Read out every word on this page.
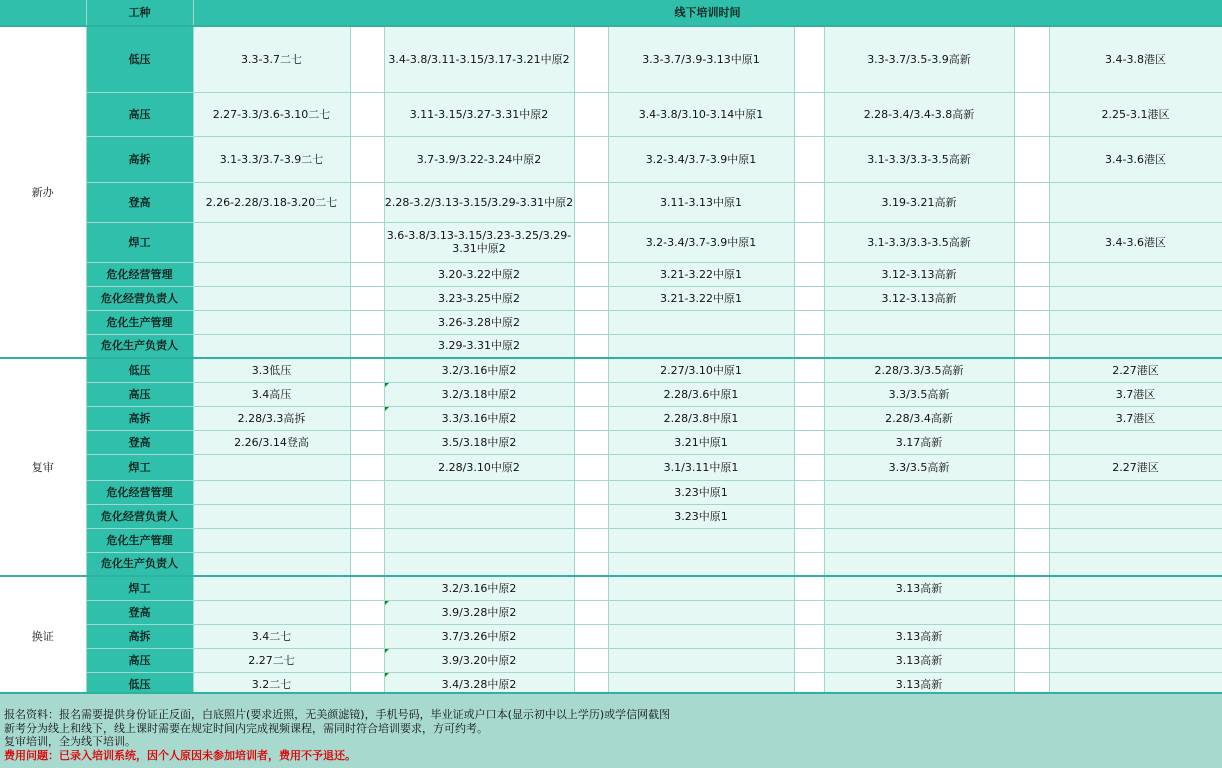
	工种	线下培训时间								
新办	低压	3.3-3.7二七		3.4-3.8/3.11-3.15/3.17-3.21中原2		3.3-3.7/3.9-3.13中原1		3.3-3.7/3.5-3.9高新		3.4-3.8港区
	高压	2.27-3.3/3.6-3.10二七		3.11-3.15/3.27-3.31中原2		3.4-3.8/3.10-3.14中原1		2.28-3.4/3.4-3.8高新		2.25-3.1港区
	高拆	3.1-3.3/3.7-3.9二七		3.7-3.9/3.22-3.24中原2		3.2-3.4/3.7-3.9中原1		3.1-3.3/3.3-3.5高新		3.4-3.6港区
	登高	2.26-2.28/3.18-3.20二七		2.28-3.2/3.13-3.15/3.29-3.31中原2		3.11-3.13中原1		3.19-3.21高新		
	焊工			3.6-3.8/3.13-3.15/3.23-3.25/3.29-3.31中原2		3.2-3.4/3.7-3.9中原1		3.1-3.3/3.3-3.5高新		3.4-3.6港区
	危化经营管理			3.20-3.22中原2		3.21-3.22中原1		3.12-3.13高新		
	危化经营负责人			3.23-3.25中原2		3.21-3.22中原1		3.12-3.13高新		
	危化生产管理			3.26-3.28中原2						
	危化生产负责人			3.29-3.31中原2						
复审	低压	3.3低压		3.2/3.16中原2		2.27/3.10中原1		2.28/3.3/3.5高新		2.27港区
	高压	3.4高压		3.2/3.18中原2		2.28/3.6中原1		3.3/3.5高新		3.7港区
	高拆	2.28/3.3高拆		3.3/3.16中原2		2.28/3.8中原1		2.28/3.4高新		3.7港区
	登高	2.26/3.14登高		3.5/3.18中原2		3.21中原1		3.17高新		
	焊工			2.28/3.10中原2		3.1/3.11中原1		3.3/3.5高新		2.27港区
	危化经营管理					3.23中原1				
	危化经营负责人					3.23中原1				
	危化生产管理									
	危化生产负责人									
换证	焊工			3.2/3.16中原2				3.13高新		
	登高			3.9/3.28中原2						
	高拆	3.4二七		3.7/3.26中原2				3.13高新		
	高压	2.27二七		3.9/3.20中原2				3.13高新		
	低压	3.2二七		3.4/3.28中原2				3.13高新		
报名资料：报名需要提供身份证正反面，白底照片(要求近照，无美颜滤镜)，手机号码，毕业证或户口本(显示初中以上学历)或学信网截图
新考分为线上和线下，线上课时需要在规定时间内完成视频课程，需同时符合培训要求，方可约考。
复审培训，全为线下培训。
费用问题：已录入培训系统，因个人原因未参加培训者，费用不予退还。
